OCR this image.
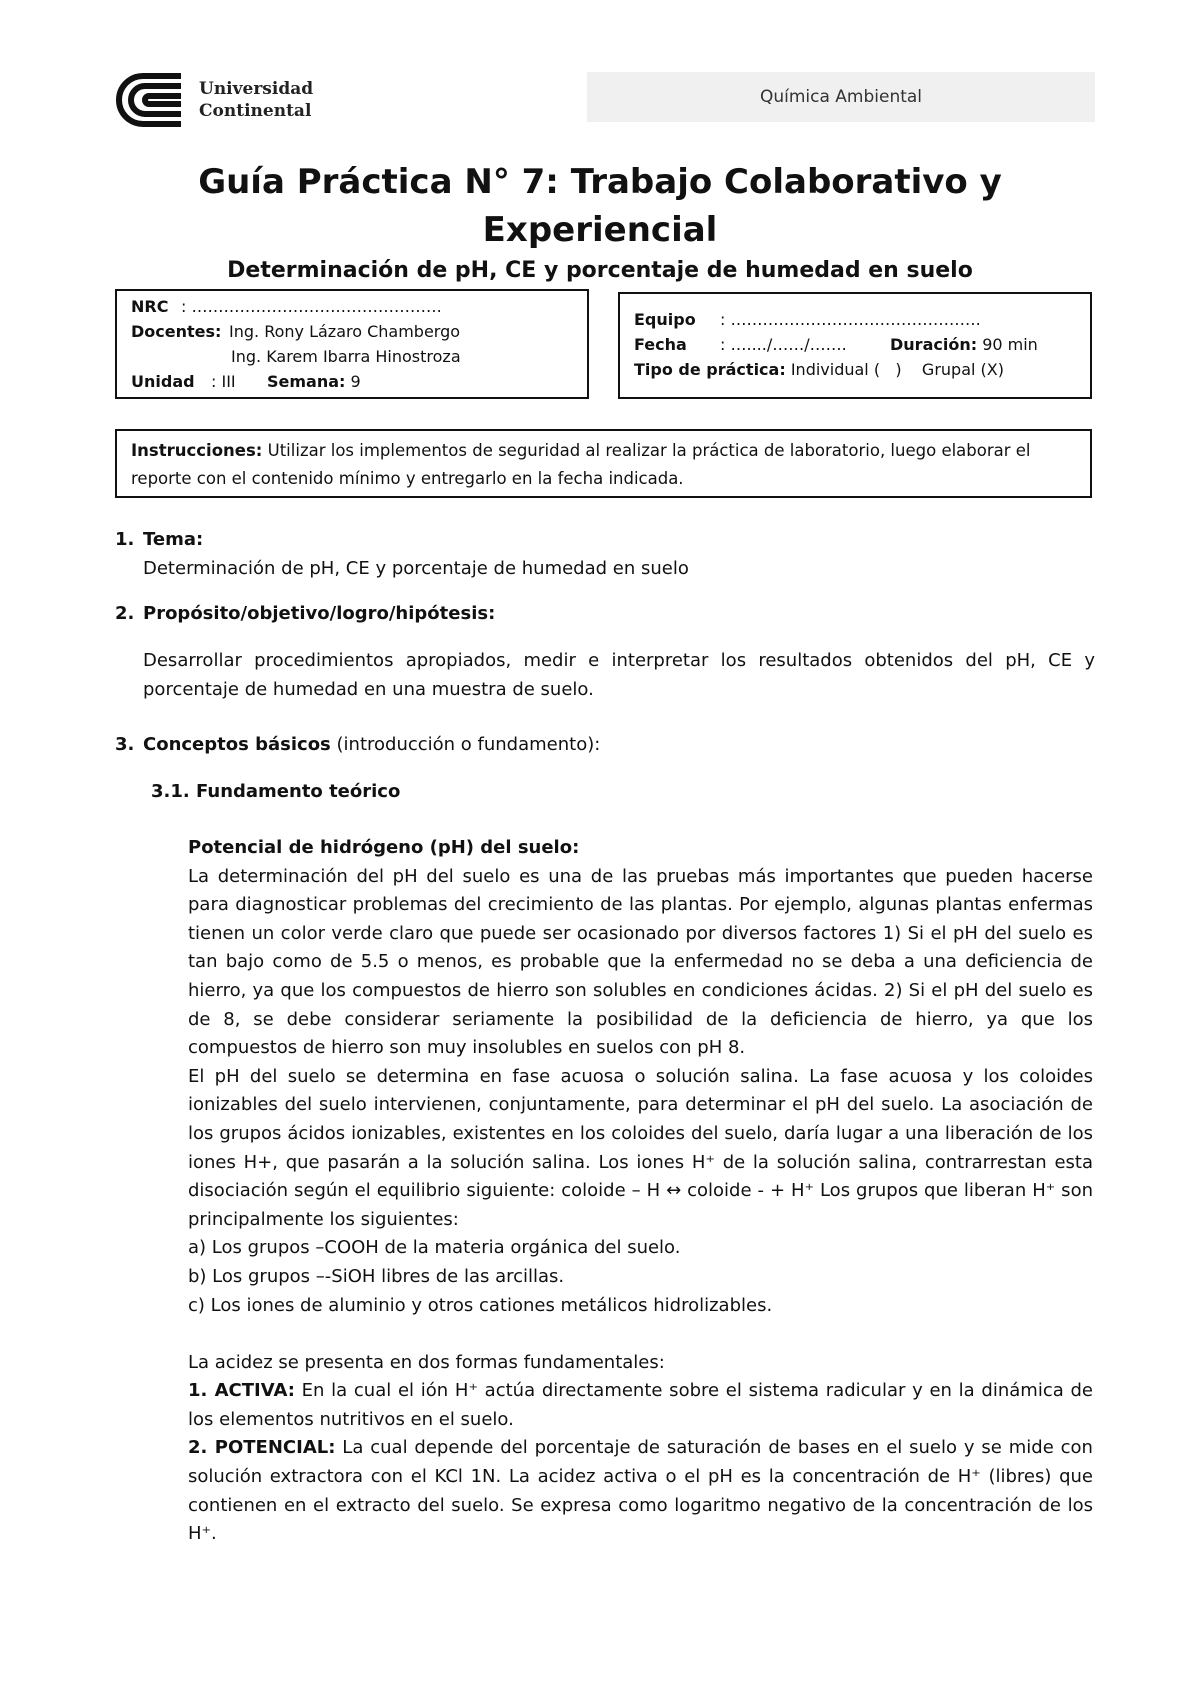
Universidad
Continental
Química Ambiental
Guía Práctica N° 7: Trabajo Colaborativo y Experiencial
Determinación de pH, CE y porcentaje de humedad en suelo
NRC : ……………………….……………….
Docentes: Ing. Rony Lázaro Chambergo
Ing. Karem Ibarra Hinostroza
Unidad : III Semana: 9
Equipo : ……………………….……………….
Fecha : …..../……/…….	Duración: 90 min
Tipo de práctica: Individual (   )    Grupal (X)
Instrucciones: Utilizar los implementos de seguridad al realizar la práctica de laboratorio, luego elaborar el reporte con el contenido mínimo y entregarlo en la fecha indicada.
1. Tema:
Determinación de pH, CE y porcentaje de humedad en suelo
2. Propósito/objetivo/logro/hipótesis:
Desarrollar procedimientos apropiados, medir e interpretar los resultados obtenidos del pH, CE y porcentaje de humedad en una muestra de suelo.
3. Conceptos básicos (introducción o fundamento):
3.1. Fundamento teórico

Potencial de hidrógeno (pH) del suelo:

La determinación del pH del suelo es una de las pruebas más importantes que pueden hacerse para diagnosticar problemas del crecimiento de las plantas. Por ejemplo, algunas plantas enfermas tienen un color verde claro que puede ser ocasionado por diversos factores 1) Si el pH del suelo es tan bajo como de 5.5 o menos, es probable que la enfermedad no se deba a una deficiencia de hierro, ya que los compuestos de hierro son solubles en condiciones ácidas. 2) Si el pH del suelo es de 8, se debe considerar seriamente la posibilidad de la deficiencia de hierro, ya que los compuestos de hierro son muy insolubles en suelos con pH 8.

El pH del suelo se determina en fase acuosa o solución salina. La fase acuosa y los coloides ionizables del suelo intervienen, conjuntamente, para determinar el pH del suelo. La asociación de los grupos ácidos ionizables, existentes en los coloides del suelo, daría lugar a una liberación de los iones H+, que pasarán a la solución salina. Los iones H⁺ de la solución salina, contrarrestan esta disociación según el equilibrio siguiente: coloide – H ↔ coloide - + H⁺ Los grupos que liberan H⁺ son principalmente los siguientes:

a) Los grupos –COOH de la materia orgánica del suelo.

b) Los grupos –-SiOH libres de las arcillas.

c) Los iones de aluminio y otros cationes metálicos hidrolizables.

La acidez se presenta en dos formas fundamentales:

1. ACTIVA: En la cual el ión H⁺ actúa directamente sobre el sistema radicular y en la dinámica de los elementos nutritivos en el suelo.

2. POTENCIAL: La cual depende del porcentaje de saturación de bases en el suelo y se mide con solución extractora con el KCl 1N. La acidez activa o el pH es la concentración de H⁺ (libres) que contienen en el extracto del suelo. Se expresa como logaritmo negativo de la concentración de los H⁺.
